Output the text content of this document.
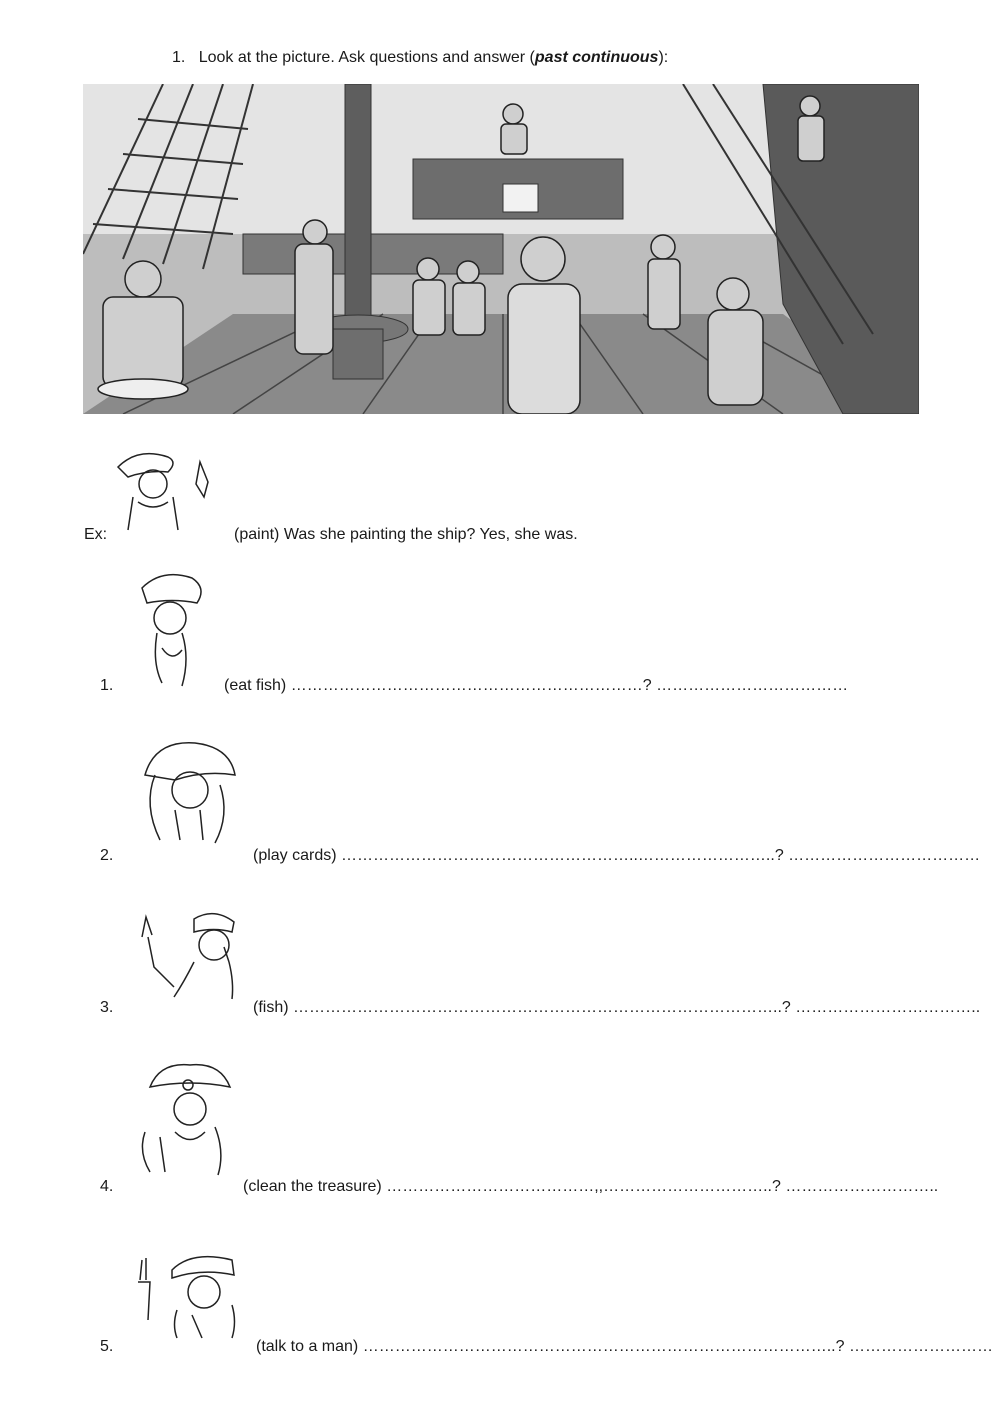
1. Look at the picture. Ask questions and answer (past continuous):
Ex:	(paint) Was she painting the ship? Yes, she was.
1.	(eat fish) …………………………………………………………? ………………………………
2.	(play cards) ………………………………………………..……………………..? ………………………………
3.	(fish) ………………………………………………………………………………..? ……………………………..
4.	(clean the treasure) …………………………………,,…………………………..? ………………………..
5.	(talk to a man) ……………………………………………………………………………..? ………………………
